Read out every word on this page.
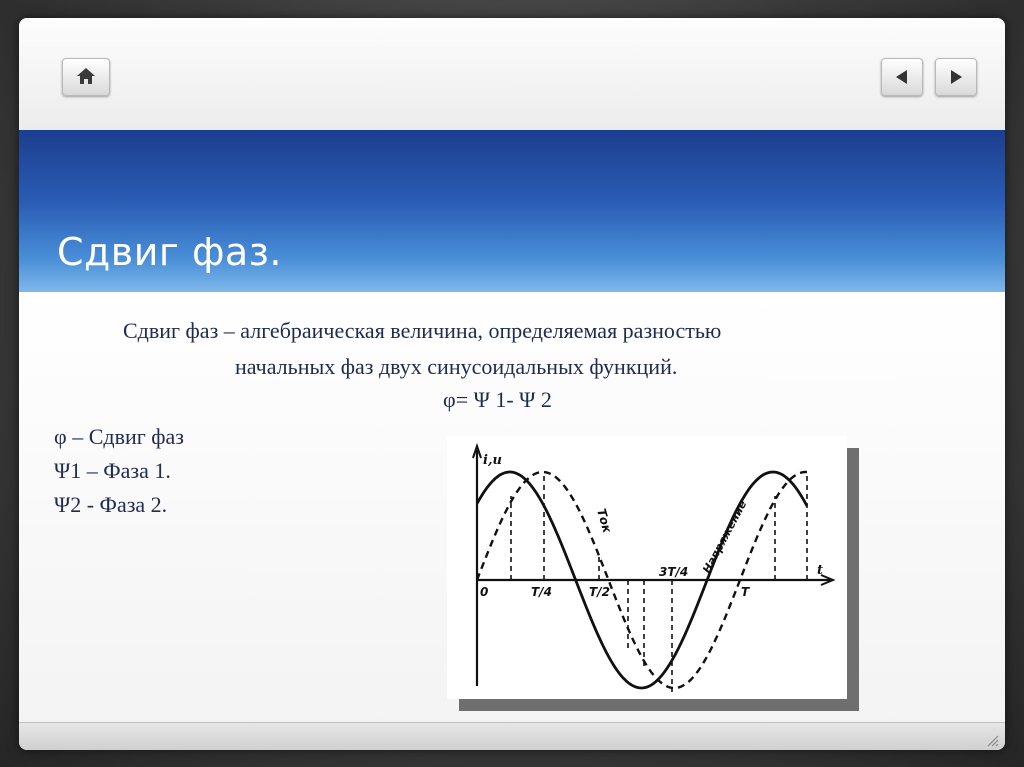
Сдвиг фаз.
Сдвиг фаз – алгебраическая величина, определяемая разностью
начальных фаз двух синусоидальных функций.
φ= Ψ 1- Ψ 2
φ – Сдвиг фаз
Ψ1 – Фаза 1.
Ψ2 - Фаза 2.
i,u
t
0	T/4	T/2
3T/4
T
Ток	Напряжение
